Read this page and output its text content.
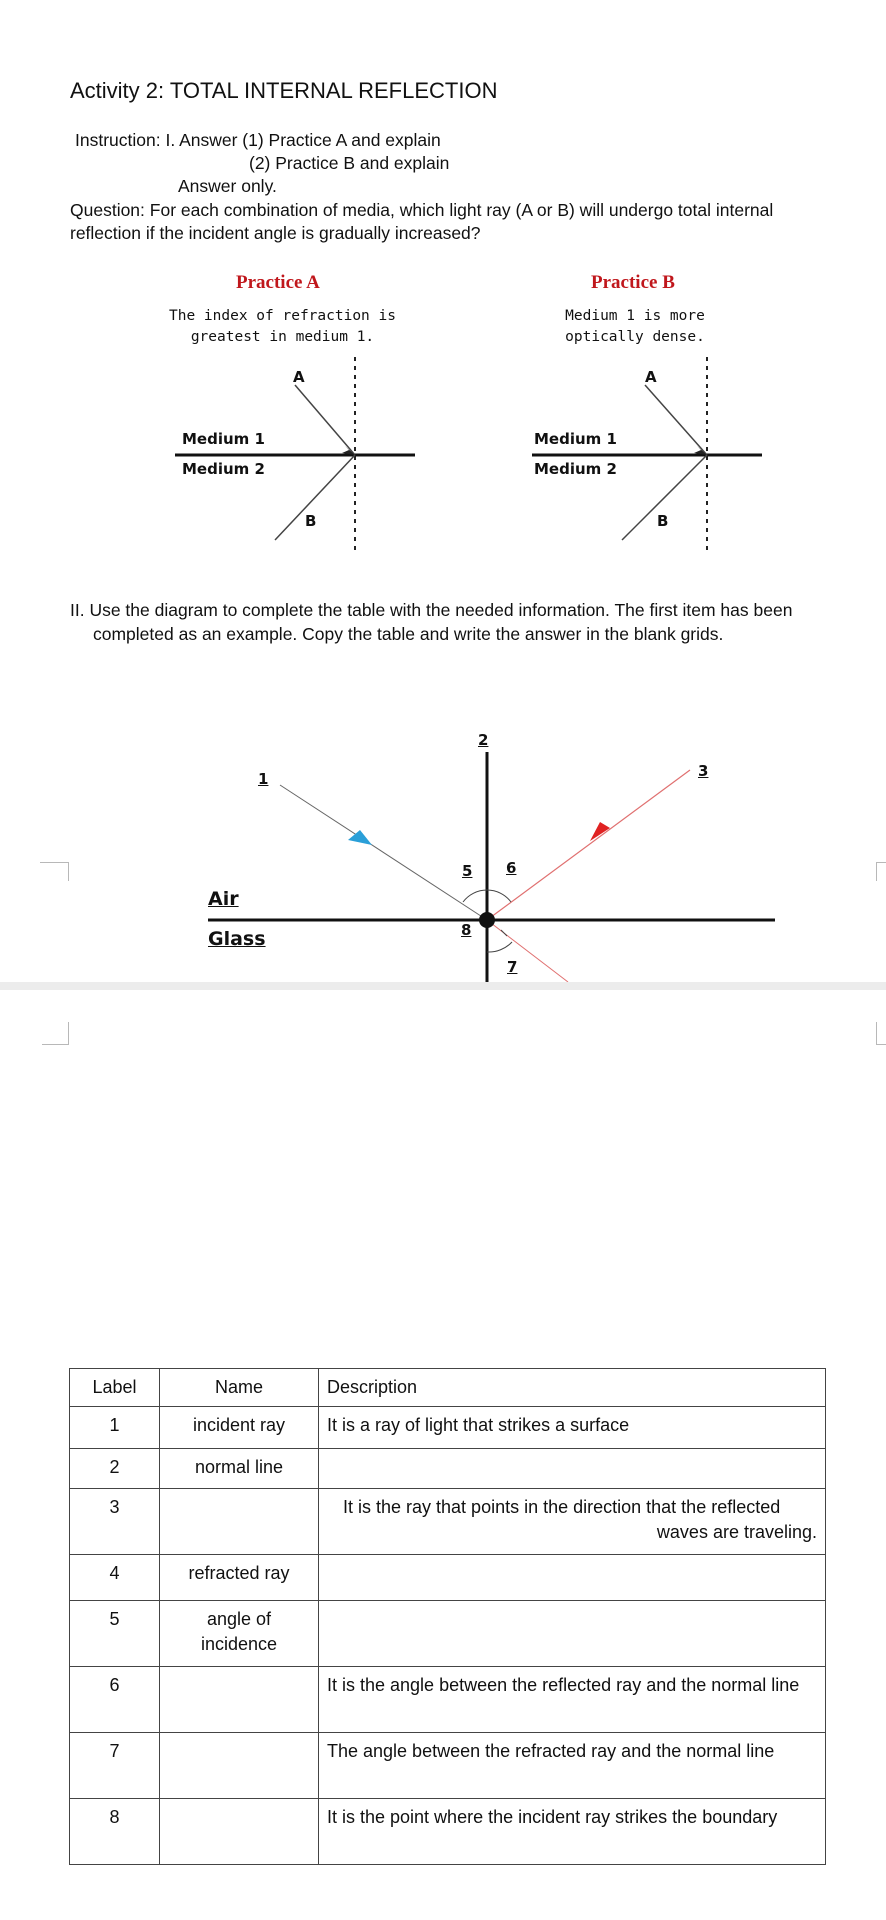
Activity 2: TOTAL INTERNAL REFLECTION
Instruction: I. Answer (1) Practice A and explain
(2) Practice B and explain
Answer only.
Question: For each combination of media, which light ray (A or B) will undergo total internal
reflection if the incident angle is gradually increased?
Practice A
The index of refraction is
greatest in medium 1.
A
B
Medium 1
Medium 2
Practice B
Medium 1 is more
optically dense.
A
B
Medium 1
Medium 2
II. Use the diagram to complete the table with the needed information. The first item has been
completed as an example. Copy the table and write the answer in the blank grids.
1
2
3
5 6
7
8
Air
Glass
Label	Name	Description
1	incident ray	It is a ray of light that strikes a surface
2	normal line	
3		It is the ray that points in the direction that the reflected waves are traveling.
4	refracted ray	
5	angle of incidence	
6		It is the angle between the reflected ray and the normal line
7		The angle between the refracted ray and the normal line
8		It is the point where the incident ray strikes the boundary
